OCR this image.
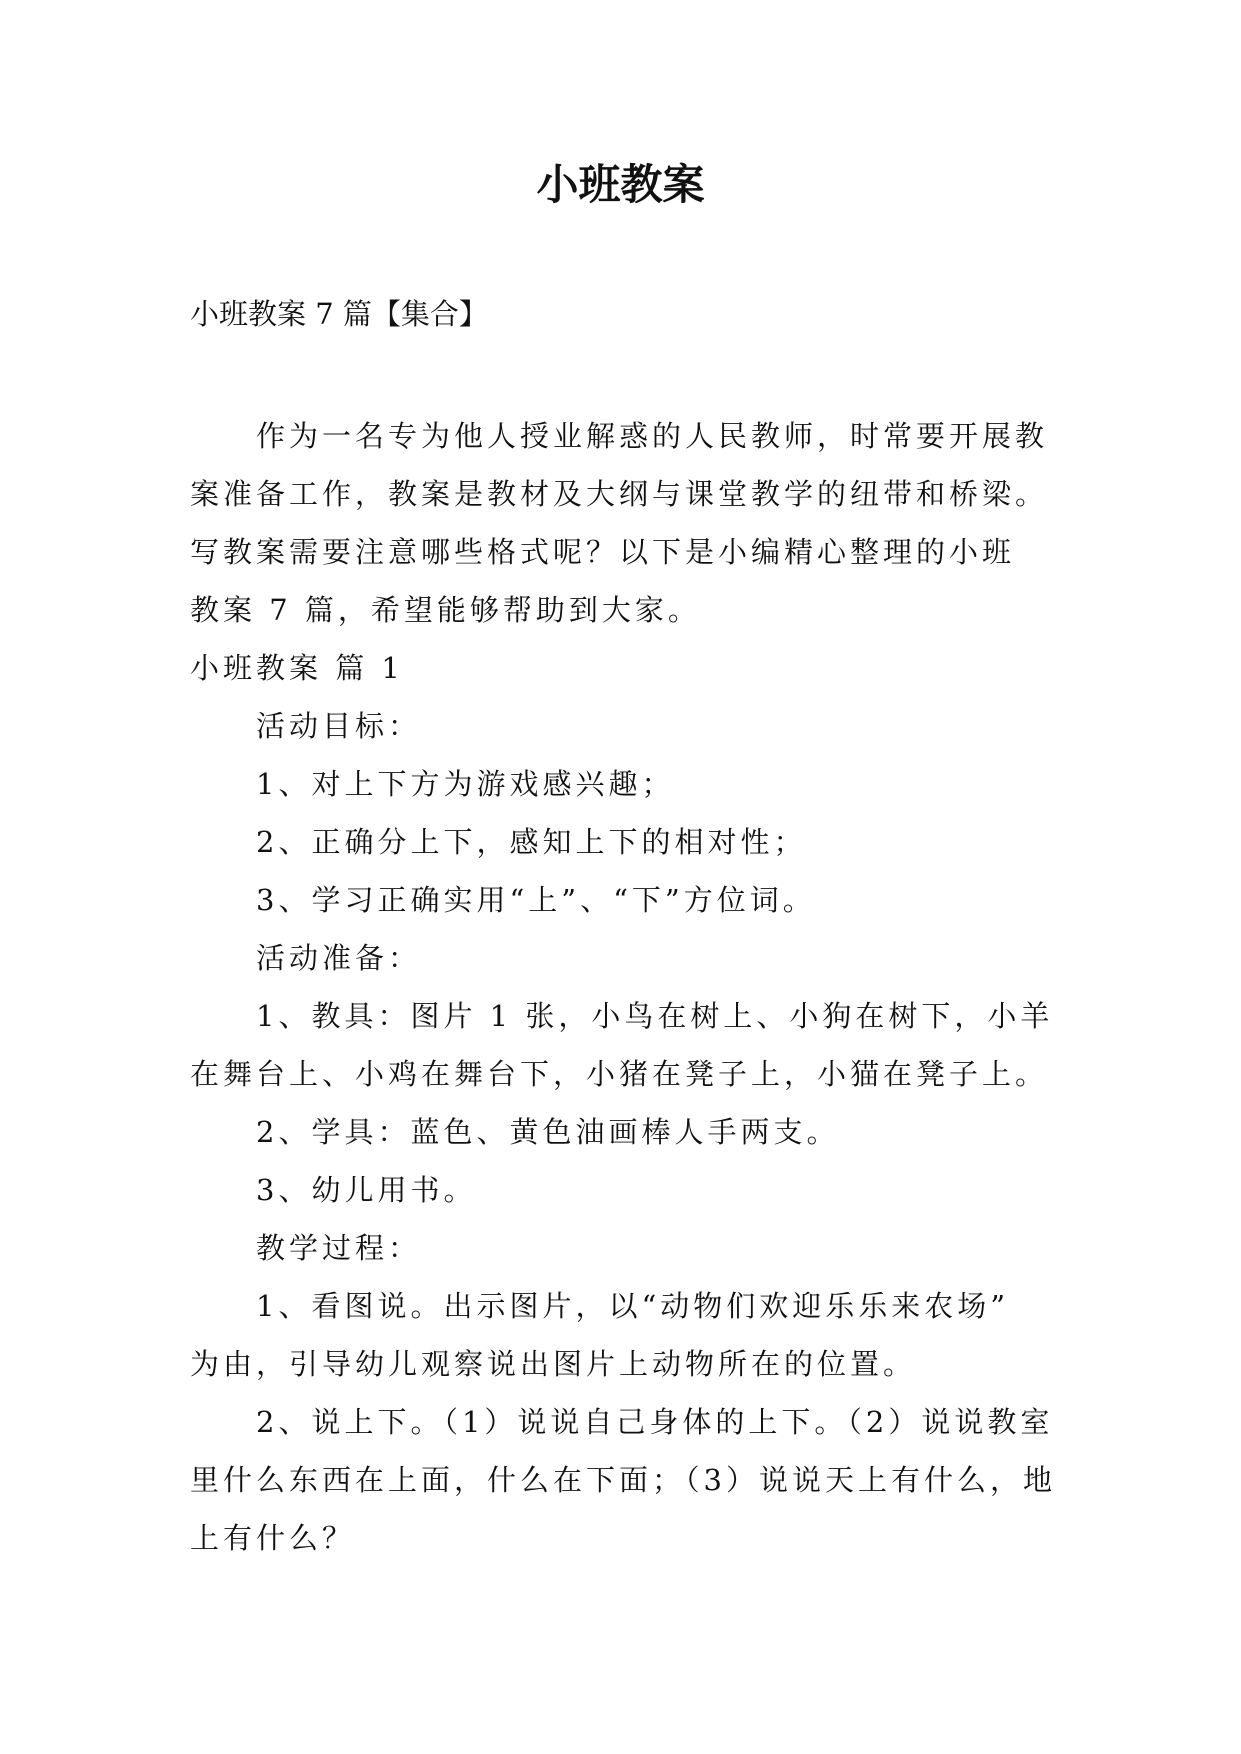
小班教案

小班教案 7 篇【集合】

作为一名专为他人授业解惑的人民教师，时常要开展教

案准备工作，教案是教材及大纲与课堂教学的纽带和桥梁。

写教案需要注意哪些格式呢？以下是小编精心整理的小班

教案 7 篇，希望能够帮助到大家。

小班教案 篇 1

活动目标：

1、对上下方为游戏感兴趣；

2、正确分上下，感知上下的相对性；

3、学习正确实用“上”、“下”方位词。

活动准备：

1、教具：图片 1 张，小鸟在树上、小狗在树下，小羊

在舞台上、小鸡在舞台下，小猪在凳子上，小猫在凳子上。

2、学具：蓝色、黄色油画棒人手两支。

3、幼儿用书。

教学过程：

1、看图说。出示图片，以“动物们欢迎乐乐来农场”

为由，引导幼儿观察说出图片上动物所在的位置。

2、说上下。（1）说说自己身体的上下。（2）说说教室

里什么东西在上面，什么在下面；（3）说说天上有什么，地

上有什么？
